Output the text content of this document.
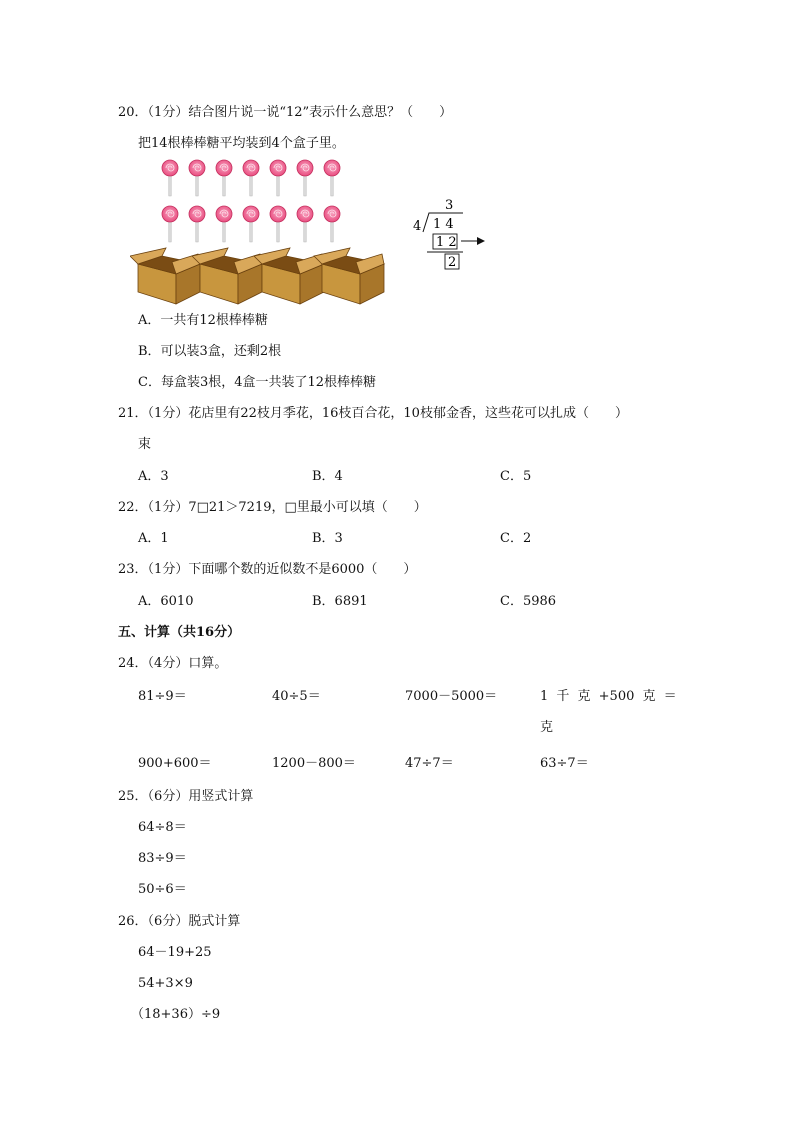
20．（1分）结合图片说一说“12”表示什么意思？（　　）
把14根棒棒糖平均装到4个盒子里。
3
4 1 4
1 2
2
A．一共有12根棒棒糖
B．可以装3盒，还剩2根
C．每盒装3根，4盒一共装了12根棒棒糖
21．（1分）花店里有22枝月季花，16枝百合花，10枝郁金香，这些花可以扎成（　　）
束
A．3	B．4	C．5
22．（1分）7□21＞7219，□里最小可以填（　　）
A．1	B．3	C．2
23．（1分）下面哪个数的近似数不是6000（　　）
A．6010	B．6891	C．5986
五、计算（共16分）
24．（4分）口算。
81÷9＝	40÷5＝	7000－5000＝	1 千 克 +500 克 ＝
克
900+600＝	1200－800＝	47÷7＝	63÷7＝
25．（6分）用竖式计算
64÷8＝
83÷9＝
50÷6＝
26．（6分）脱式计算
64－19+25
54+3×9
（18+36）÷9
